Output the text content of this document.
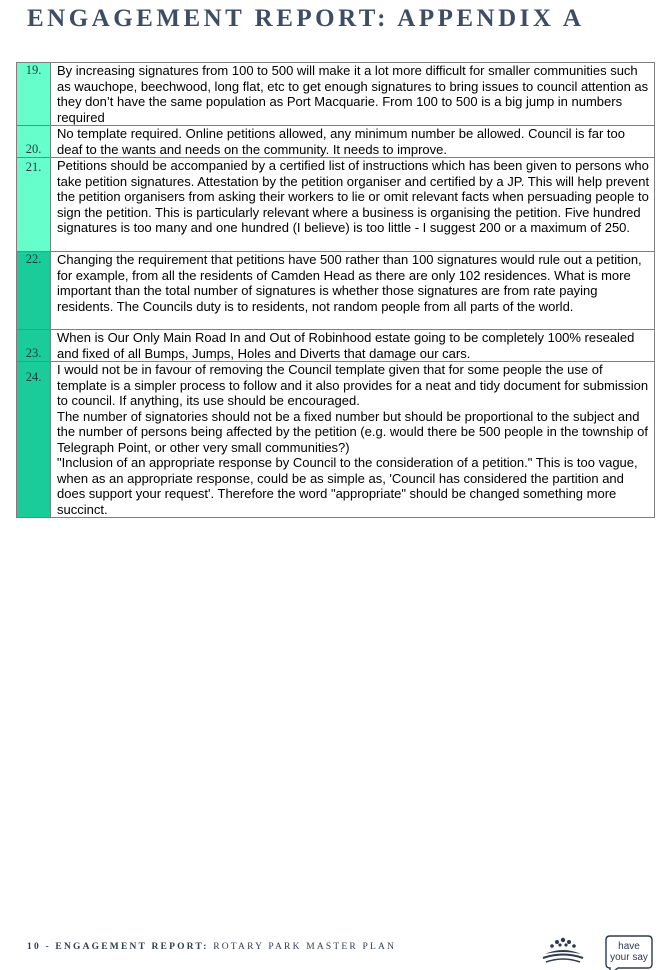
ENGAGEMENT REPORT: APPENDIX A
19.	By increasing signatures from 100 to 500 will make it a lot more difficult for smaller communities such as wauchope, beechwood, long flat, etc to get enough signatures to bring issues to council attention as they don’t have the same population as Port Macquarie. From 100 to 500 is a big jump in numbers required
20.	No template required. Online petitions allowed, any minimum number be allowed. Council is far too deaf to the wants and needs on the community. It needs to improve.
21.	Petitions should be accompanied by a certified list of instructions which has been given to persons who take petition signatures. Attestation by the petition organiser and certified by a JP. This will help prevent the petition organisers from asking their workers to lie or omit relevant facts when persuading people to sign the petition. This is particularly relevant where a business is organising the petition. Five hundred signatures is too many and one hundred (I believe) is too little - I suggest 200 or a maximum of 250.
22.	Changing the requirement that petitions have 500 rather than 100 signatures would rule out a petition, for example, from all the residents of Camden Head as there are only 102 residences. What is more important than the total number of signatures is whether those signatures are from rate paying residents. The Councils duty is to residents, not random people from all parts of the world.
23.	When is Our Only Main Road In and Out of Robinhood estate going to be completely 100% resealed and fixed of all Bumps, Jumps, Holes and Diverts that damage our cars.
24.	I would not be in favour of removing the Council template given that for some people the use of template is a simpler process to follow and it also provides for a neat and tidy document for submission to council. If anything, its use should be encouraged.
The number of signatories should not be a fixed number but should be proportional to the subject and the number of persons being affected by the petition (e.g. would there be 500 people in the township of Telegraph Point, or other very small communities?)
"Inclusion of an appropriate response by Council to the consideration of a petition." This is too vague, when as an appropriate response, could be as simple as, 'Council has considered the partition and does support your request'. Therefore the word "appropriate" should be changed something more succinct.
10 - ENGAGEMENT REPORT: ROTARY PARK MASTER PLAN	have
your say
